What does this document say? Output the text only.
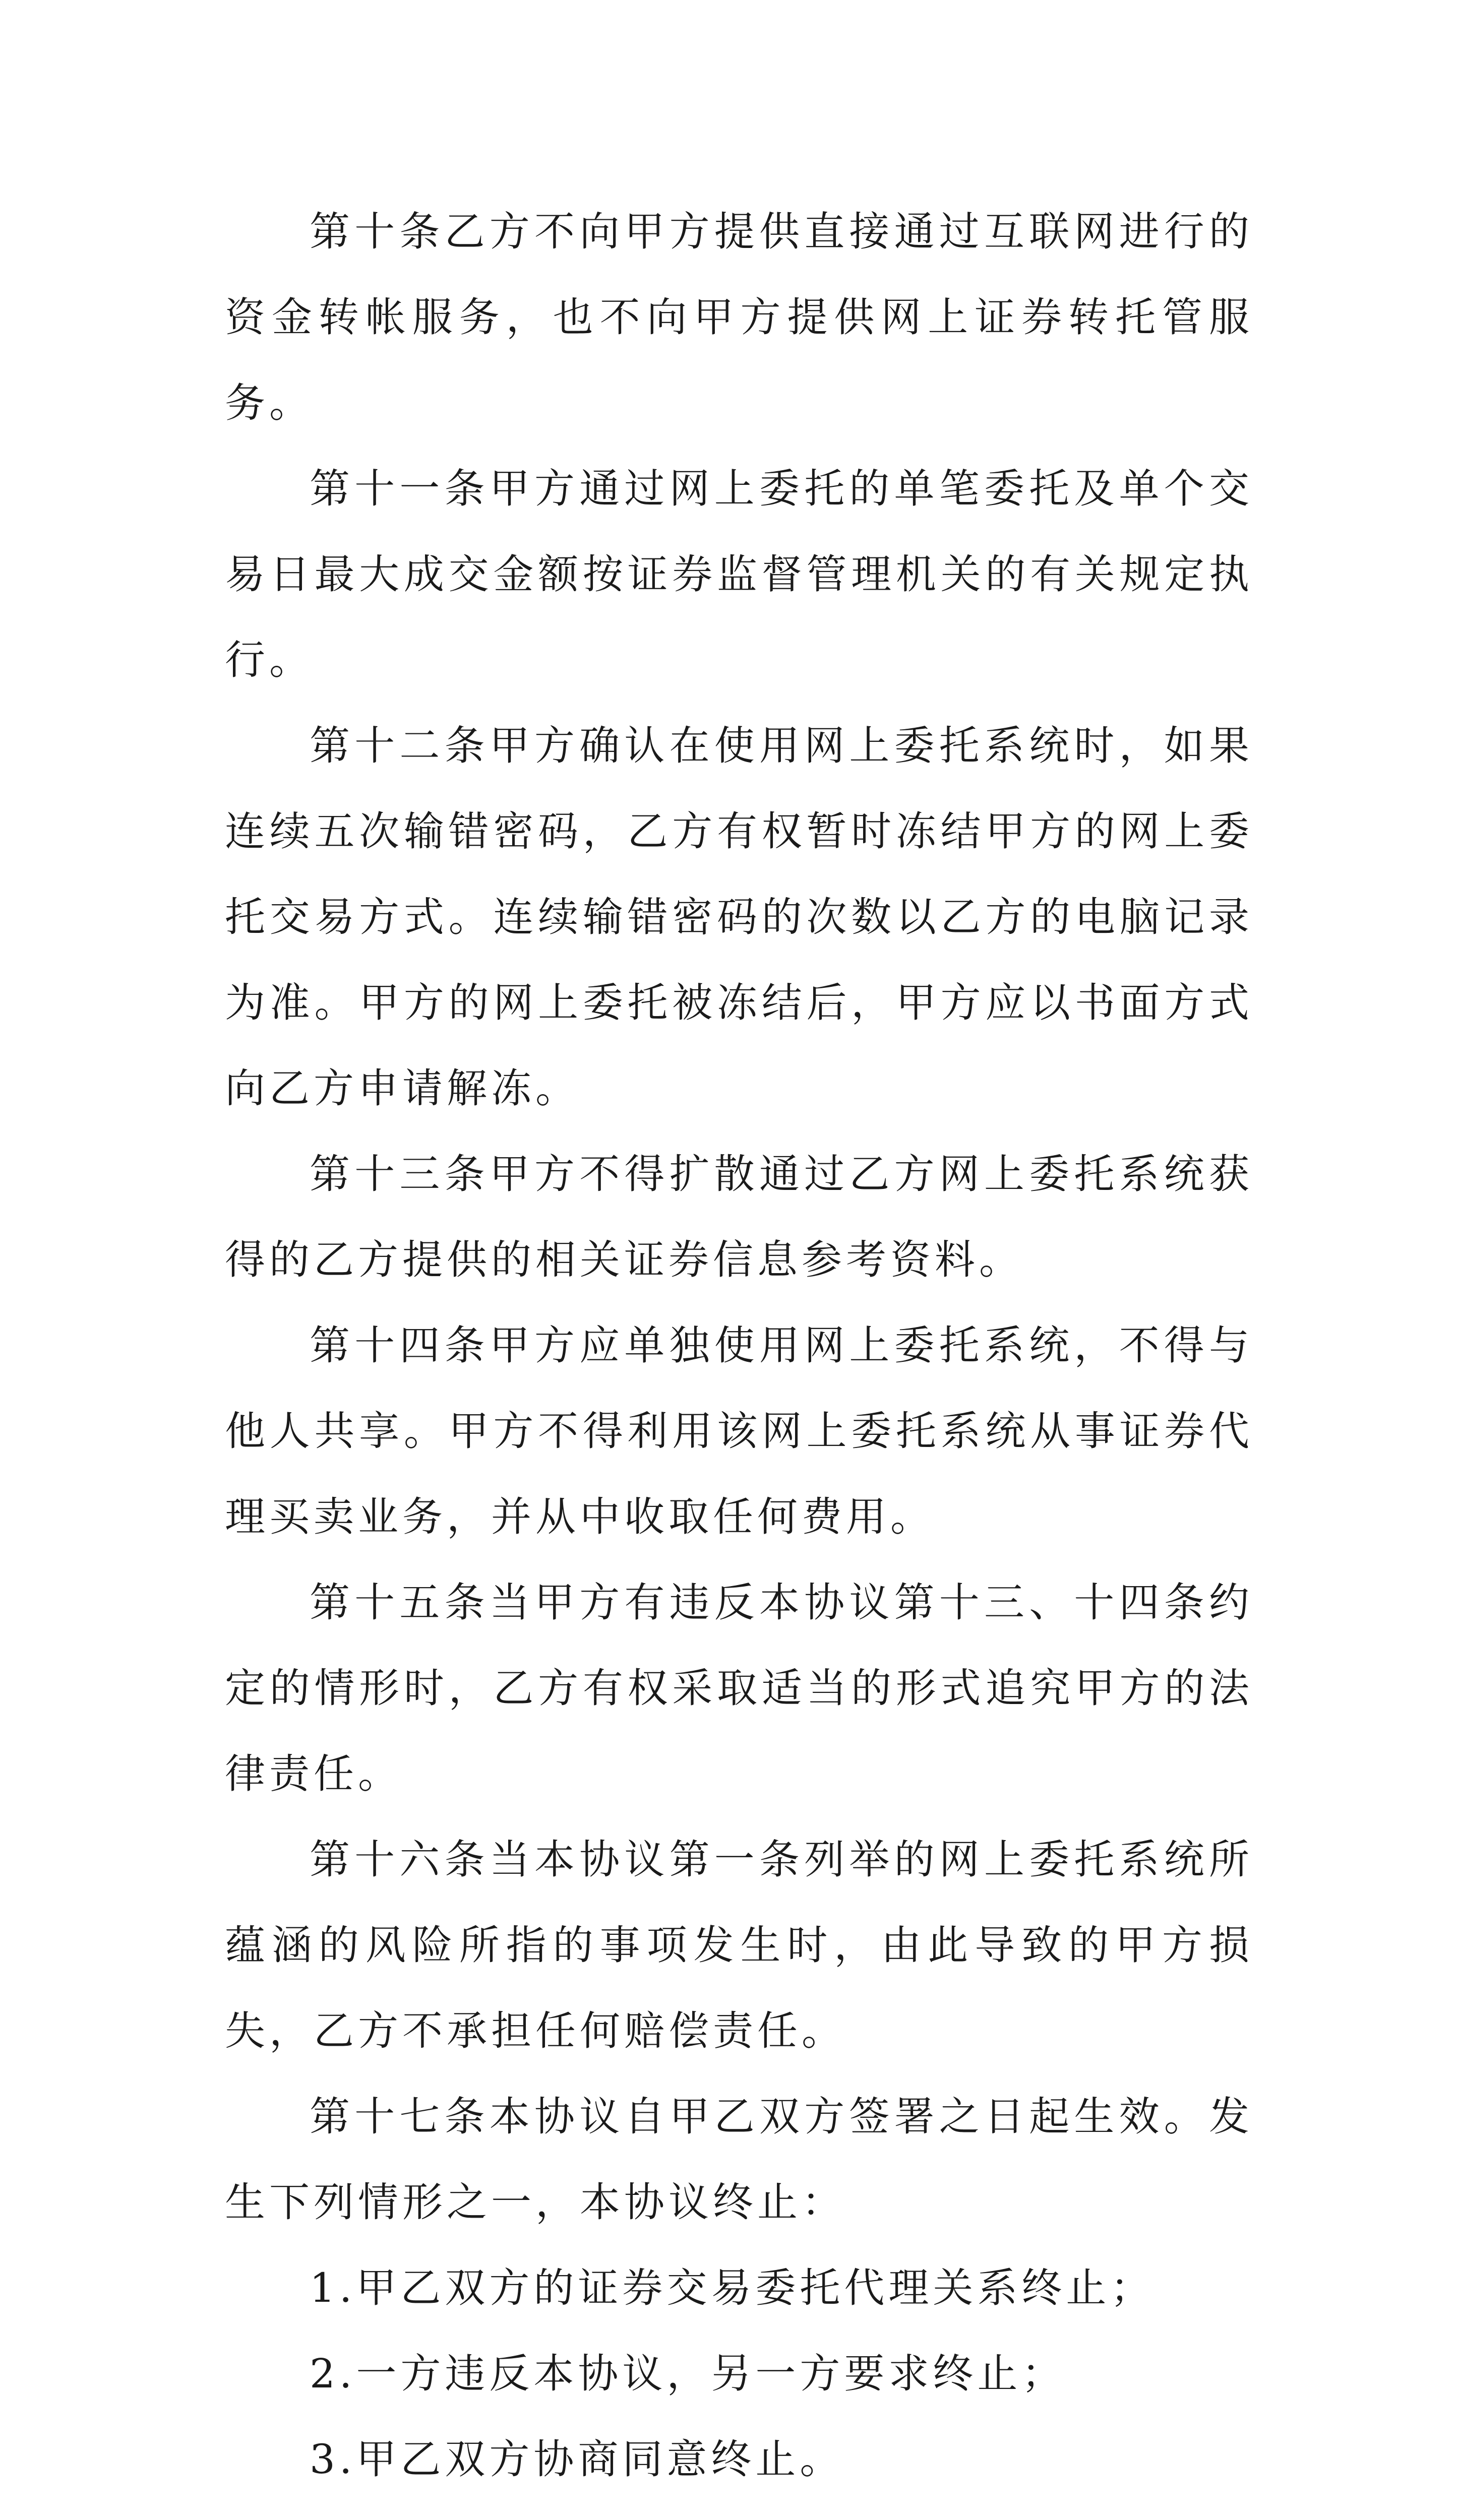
第十条乙方不向甲方提供直接通过互联网进行的资金转帐服务，也不向甲方提供网上证券转托管服务。

第十一条甲方通过网上委托的单笔委托及单个交易日最大成交金额按证券监督管理机关的有关规定执行。

第十二条甲方确认在使用网上委托系统时，如果连续五次输错密码，乙方有权暂时冻结甲方的网上委托交易方式。连续输错密码的次数以乙方的电脑记录为准。甲方的网上委托被冻结后，甲方应以书面方式向乙方申请解冻。

第十三条甲方不得扩散通过乙方网上委托系统获得的乙方提供的相关证券信息参考资料。

第十四条甲方应单独使用网上委托系统，不得与他人共享。甲方不得利用该网上委托系统从事证券代理买卖业务，并从中收取任何费用。

第十五条当甲方有违反本协议第十三、十四条约定的情形时，乙方有权采取适当的形式追究甲方的法律责任。

第十六条当本协议第一条列举的网上委托系统所蕴涵的风险所指的事项发生时，由此导致的甲方损失，乙方不承担任何赔偿责任。

第十七条本协议自甲乙双方签署之日起生效。发生下列情形之一，本协议终止：

1.甲乙双方的证券交易委托代理关系终止；

2.一方违反本协议，另一方要求终止；

3.甲乙双方协商同意终止。
